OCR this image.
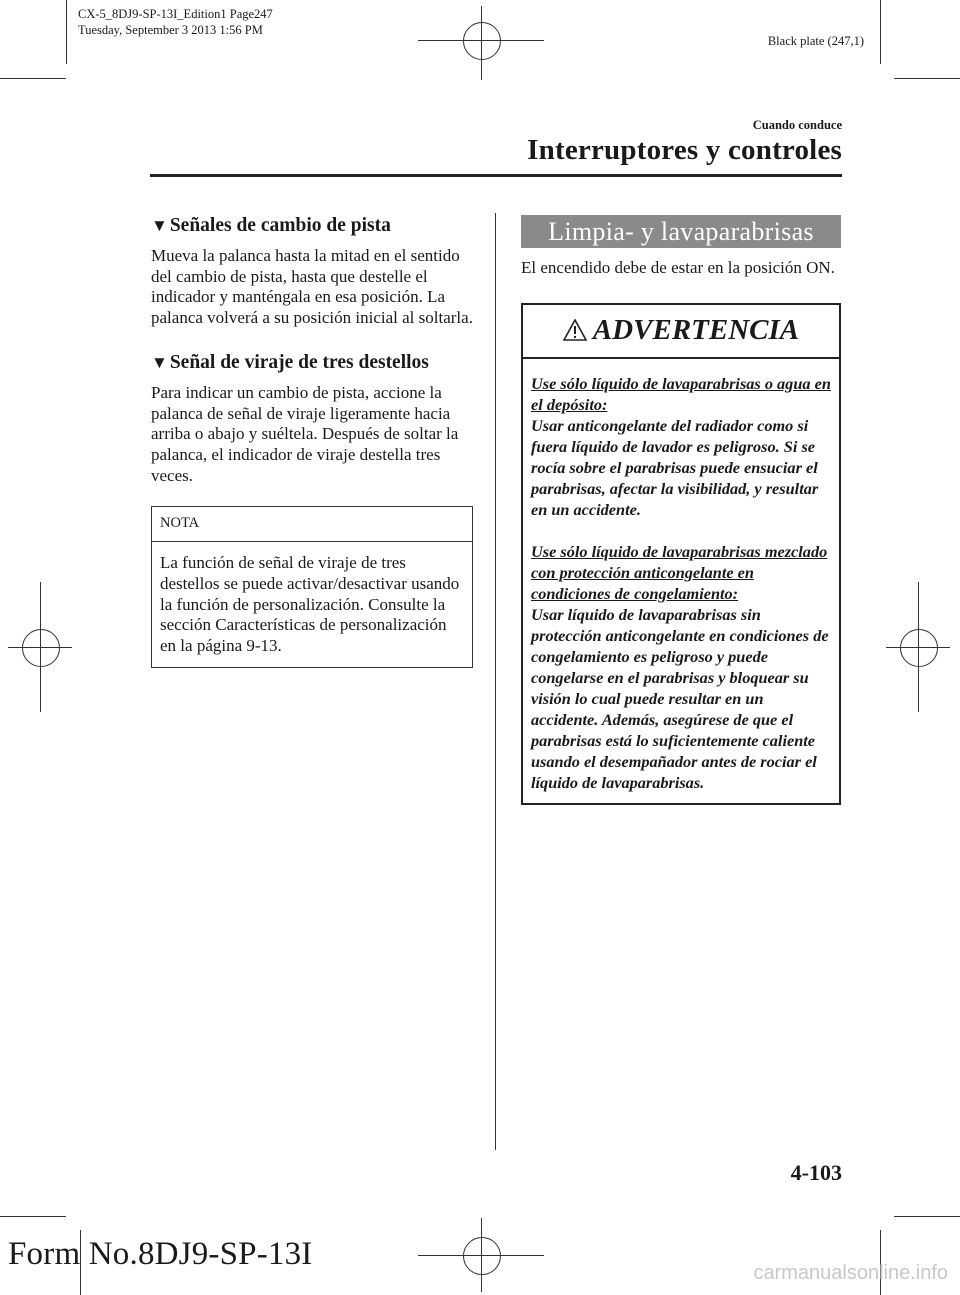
CX-5_8DJ9-SP-13I_Edition1 Page247
Tuesday, September 3 2013 1:56 PM
Black plate (247,1)
Cuando conduce
Interruptores y controles
▼ Señales de cambio de pista

Mueva la palanca hasta la mitad en el sentido del cambio de pista, hasta que destelle el indicador y manténgala en esa posición. La palanca volverá a su posición inicial al soltarla.

▼ Señal de viraje de tres destellos

Para indicar un cambio de pista, accione la palanca de señal de viraje ligeramente hacia arriba o abajo y suéltela. Después de soltar la palanca, el indicador de viraje destella tres veces.

NOTA
La función de señal de viraje de tres destellos se puede activar/desactivar usando la función de personalización. Consulte la sección Características de personalización en la página 9-13.
Limpia- y lavaparabrisas

El encendido debe de estar en la posición ON.

ADVERTENCIA
Use sólo líquido de lavaparabrisas o agua en el depósito:
Usar anticongelante del radiador como si fuera líquido de lavador es peligroso. Si se rocía sobre el parabrisas puede ensuciar el parabrisas, afectar la visibilidad, y resultar en un accidente.
Use sólo líquido de lavaparabrisas mezclado con protección anticongelante en condiciones de congelamiento:
Usar líquido de lavaparabrisas sin protección anticongelante en condiciones de congelamiento es peligroso y puede congelarse en el parabrisas y bloquear su visión lo cual puede resultar en un accidente. Además, asegúrese de que el parabrisas está lo suficientemente caliente usando el desempañador antes de rociar el líquido de lavaparabrisas.
4-103
Form No.8DJ9-SP-13I
carmanualsonline.info
